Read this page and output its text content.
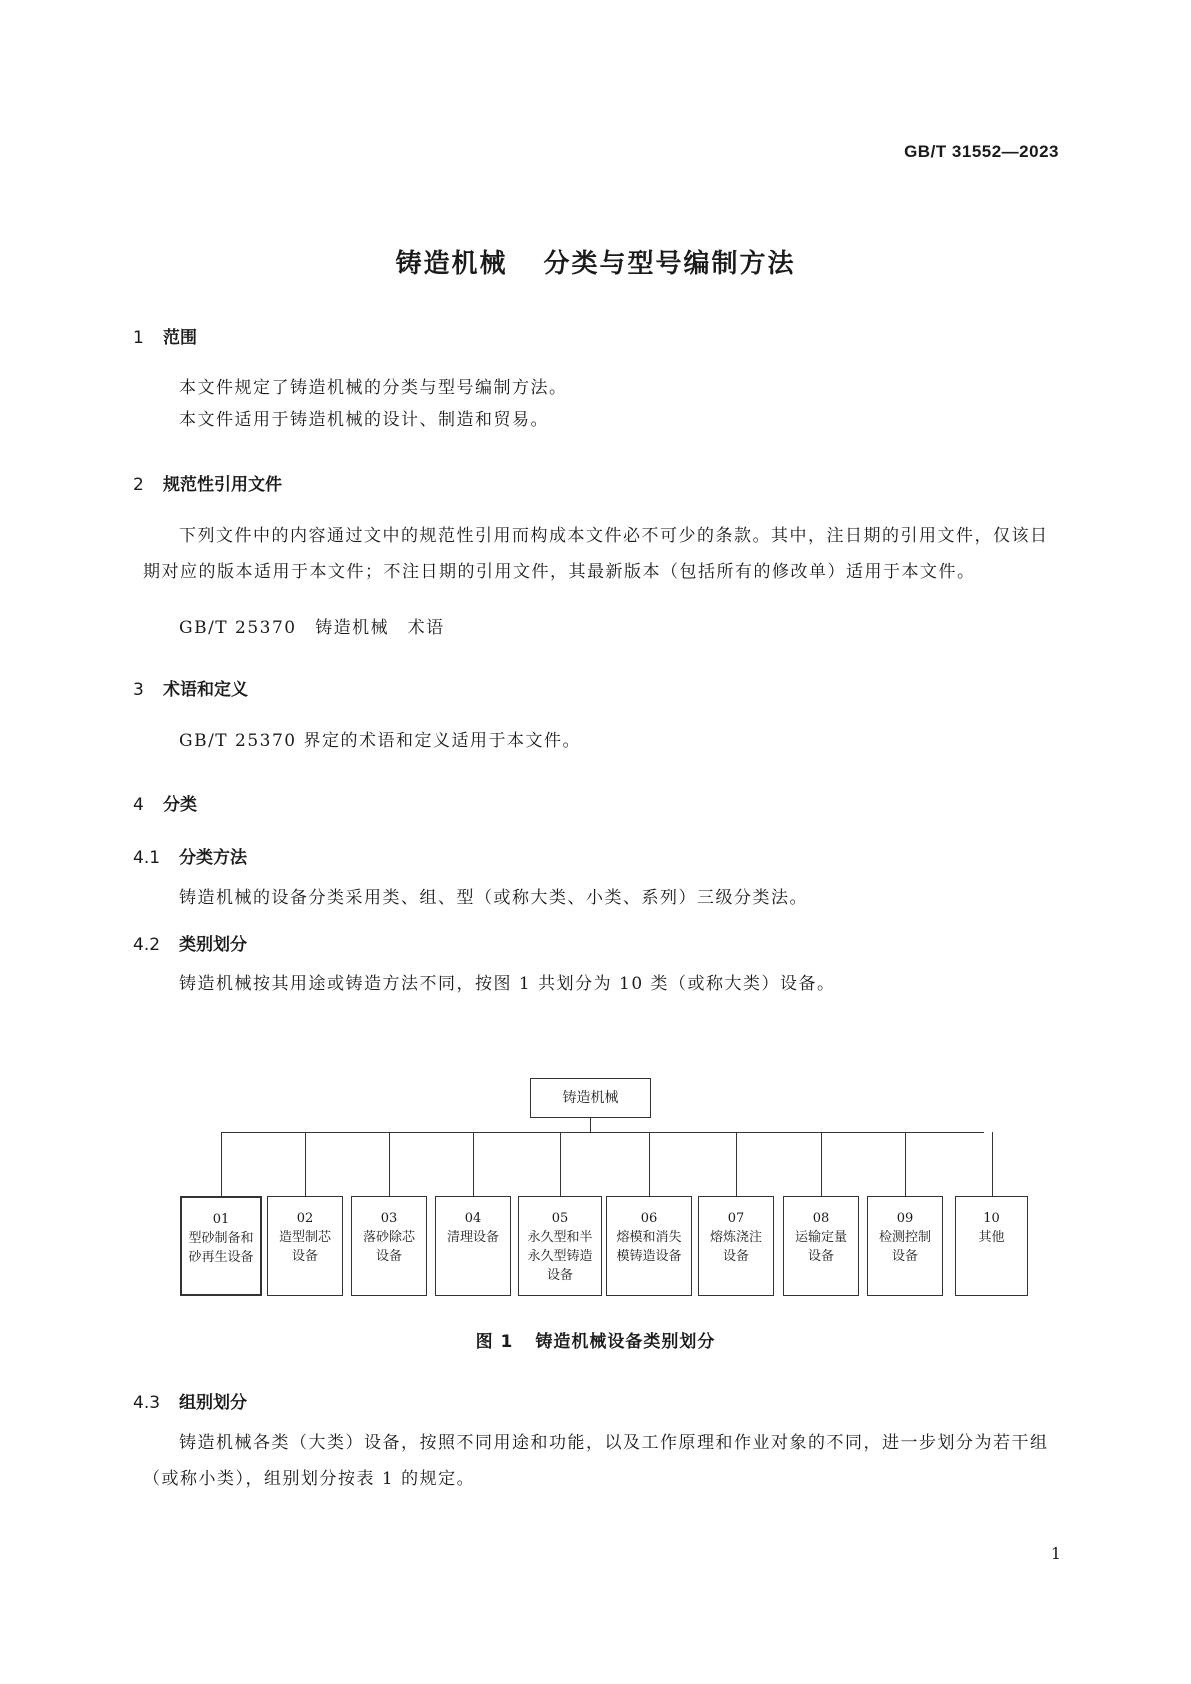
GB/T 31552—2023
铸造机械 分类与型号编制方法
1 范围
本文件规定了铸造机械的分类与型号编制方法。
本文件适用于铸造机械的设计、制造和贸易。
2 规范性引用文件
下列文件中的内容通过文中的规范性引用而构成本文件必不可少的条款。其中，注日期的引用文件，仅该日期对应的版本适用于本文件；不注日期的引用文件，其最新版本（包括所有的修改单）适用于本文件。
GB/T 25370　铸造机械　术语
3 术语和定义
GB/T 25370 界定的术语和定义适用于本文件。
4 分类
4.1 分类方法
铸造机械的设备分类采用类、组、型（或称大类、小类、系列）三级分类法。
4.2 类别划分
铸造机械按其用途或铸造方法不同，按图 1 共划分为 10 类（或称大类）设备。
铸造机械
01
型砂制备和砂再生设备
02
造型制芯设备
03
落砂除芯设备
04
清理设备
05
永久型和半永久型铸造设备
06
熔模和消失模铸造设备
07
熔炼浇注设备
08
运输定量设备
09
检测控制设备
10
其他
图 1 铸造机械设备类别划分
4.3 组别划分
铸造机械各类（大类）设备，按照不同用途和功能，以及工作原理和作业对象的不同，进一步划分为若干组（或称小类），组别划分按表 1 的规定。
1
